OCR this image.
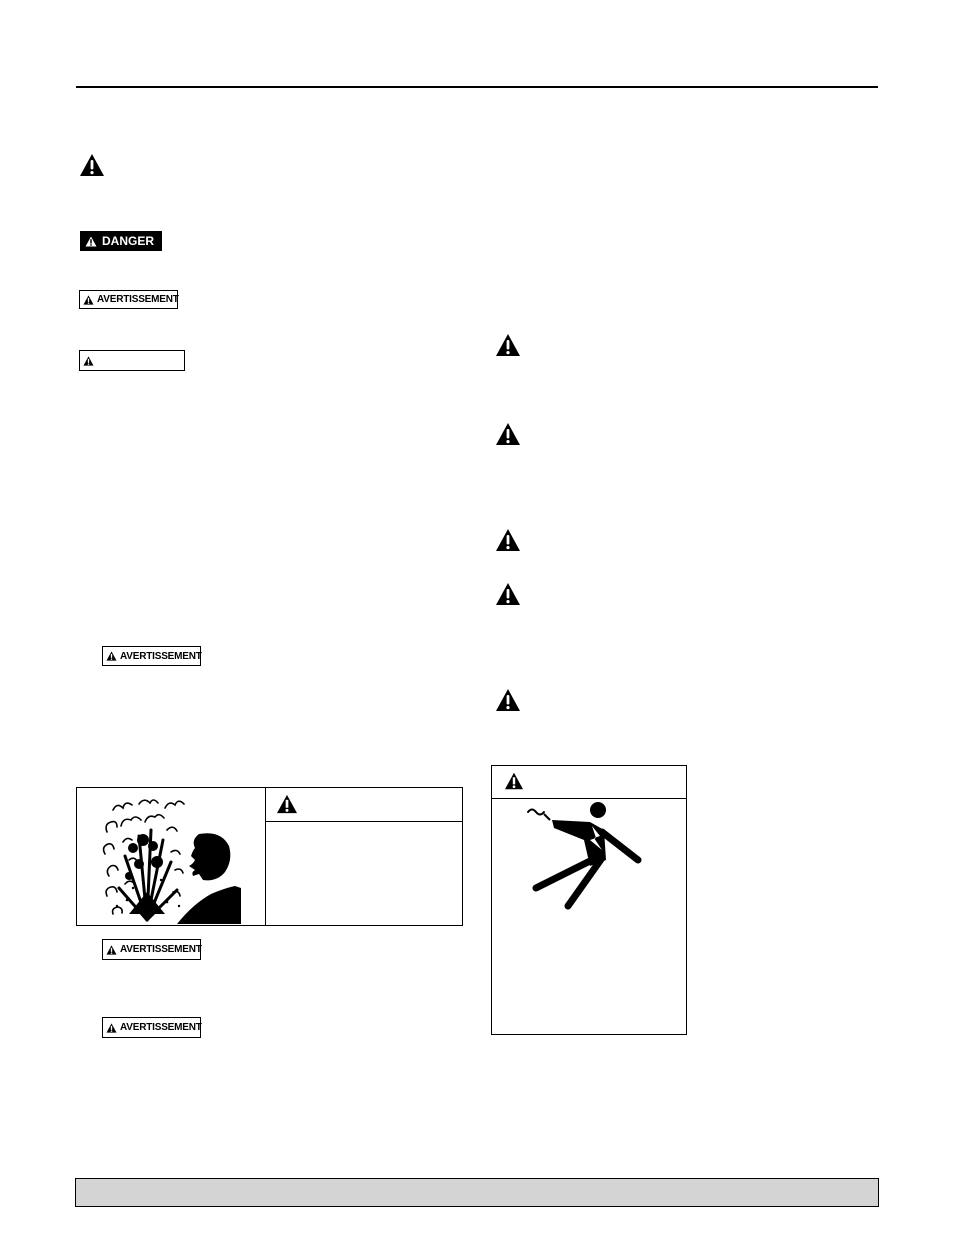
DANGER
AVERTISSEMENT
AVERTISSEMENT
AVERTISSEMENT
AVERTISSEMENT
